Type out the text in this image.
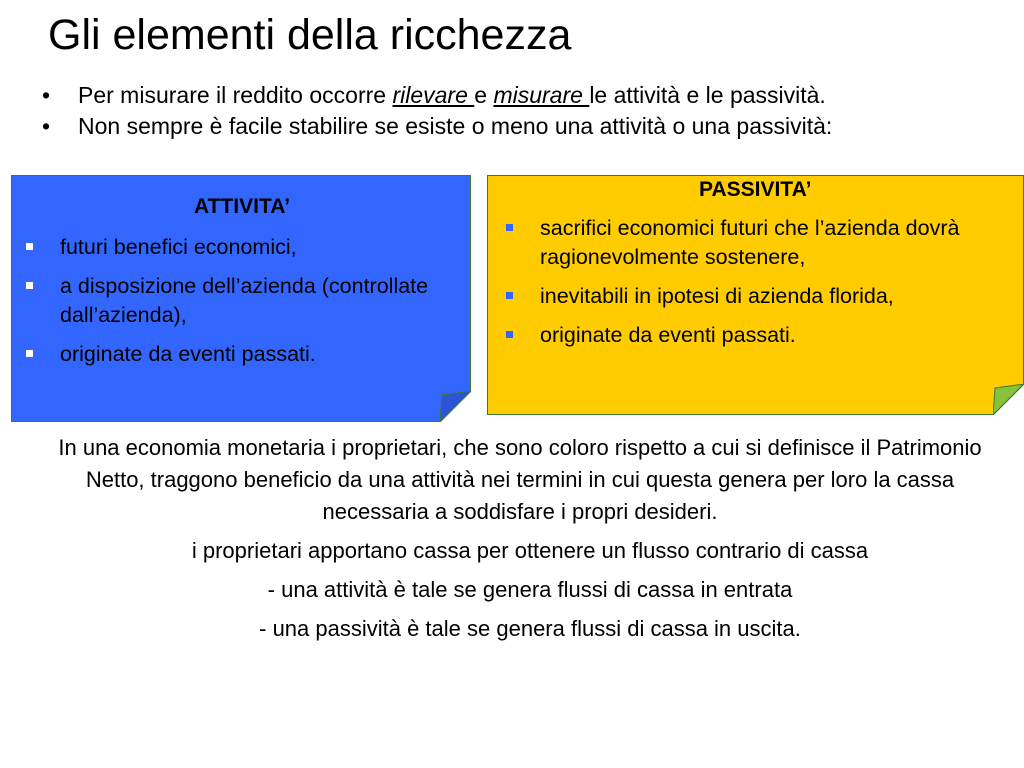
Gli elementi della ricchezza
• Per misurare il reddito occorre rilevare e misurare le attività e le passività.
• Non sempre è facile stabilire se esiste o meno una attività o una passività:

ATTIVITA’

futuri benefici economici,
a disposizione dell’azienda (controllate dall’azienda),
originate da eventi passati.

PASSIVITA’

sacrifici economici futuri che l’azienda dovrà ragionevolmente sostenere,
inevitabili in ipotesi di azienda florida,
originate da eventi passati.

In una economia monetaria i proprietari, che sono coloro rispetto a cui si definisce il Patrimonio Netto, traggono beneficio da una attività nei termini in cui questa genera per loro la cassa necessaria a soddisfare i propri desideri.

i proprietari apportano cassa per ottenere un flusso contrario di cassa

- una attività è tale se genera flussi di cassa in entrata

- una passività è tale se genera flussi di cassa in uscita.
